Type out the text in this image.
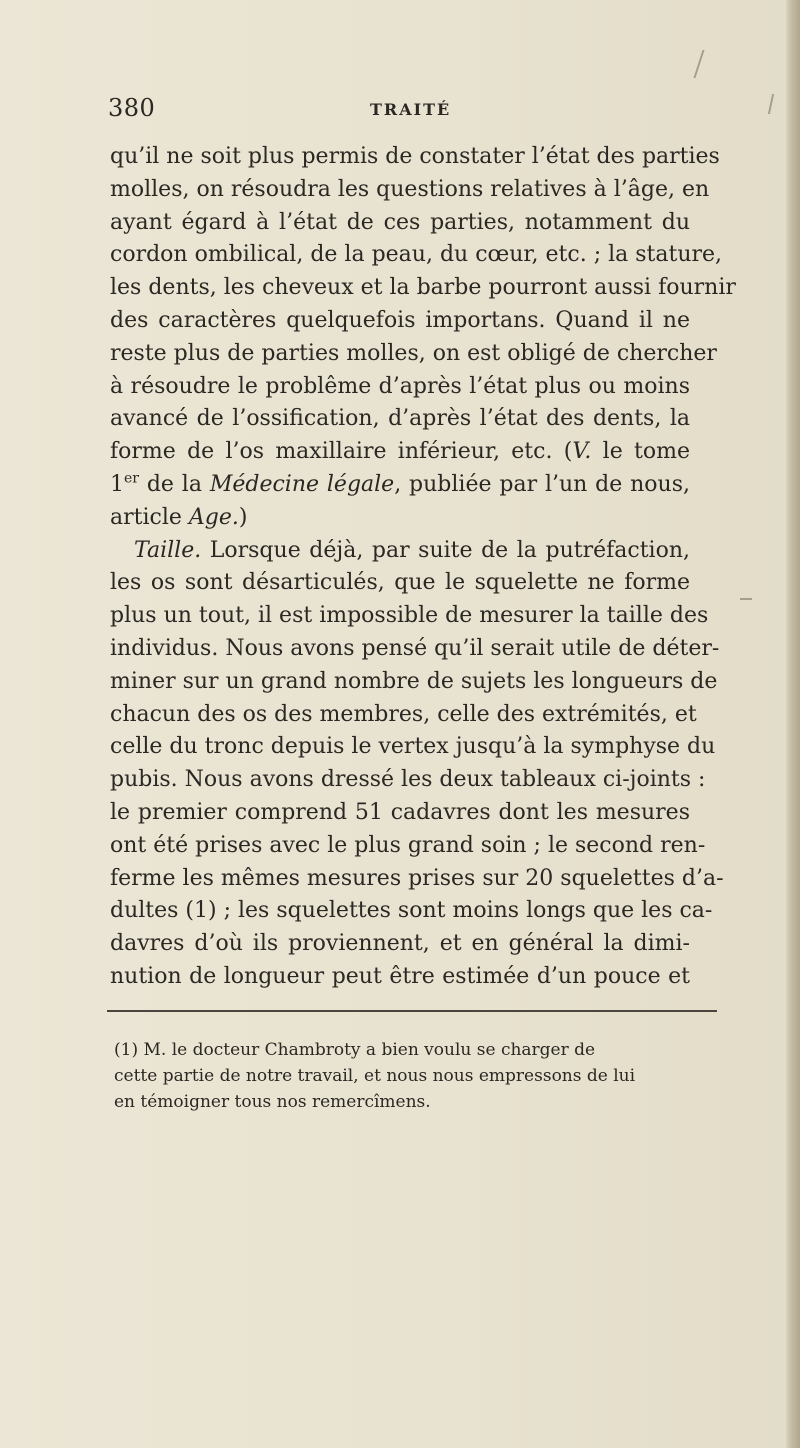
380	TRAITÉ
qu’il ne soit plus permis de constater l’état des parties
molles, on résoudra les questions relatives à l’âge, en
ayant égard à l’état de ces parties, notamment du
cordon ombilical, de la peau, du cœur, etc. ; la stature,
les dents, les cheveux et la barbe pourront aussi fournir
des caractères quelquefois importans. Quand il ne
reste plus de parties molles, on est obligé de chercher
à résoudre le problême d’après l’état plus ou moins
avancé de l’ossification, d’après l’état des dents, la
forme de l’os maxillaire inférieur, etc. (V. le tome
1er de la Médecine légale, publiée par l’un de nous,
article Age.)
Taille. Lorsque déjà, par suite de la putréfaction,
les os sont désarticulés, que le squelette ne forme
plus un tout, il est impossible de mesurer la taille des
individus. Nous avons pensé qu’il serait utile de déter-
miner sur un grand nombre de sujets les longueurs de
chacun des os des membres, celle des extrémités, et
celle du tronc depuis le vertex jusqu’à la symphyse du
pubis. Nous avons dressé les deux tableaux ci-joints :
le premier comprend 51 cadavres dont les mesures
ont été prises avec le plus grand soin ; le second ren-
ferme les mêmes mesures prises sur 20 squelettes d’a-
dultes (1) ; les squelettes sont moins longs que les ca-
davres d’où ils proviennent, et en général la dimi-
nution de longueur peut être estimée d’un pouce et
(1) M. le docteur Chambroty a bien voulu se charger de
cette partie de notre travail, et nous nous empressons de lui
en témoigner tous nos remercîmens.
